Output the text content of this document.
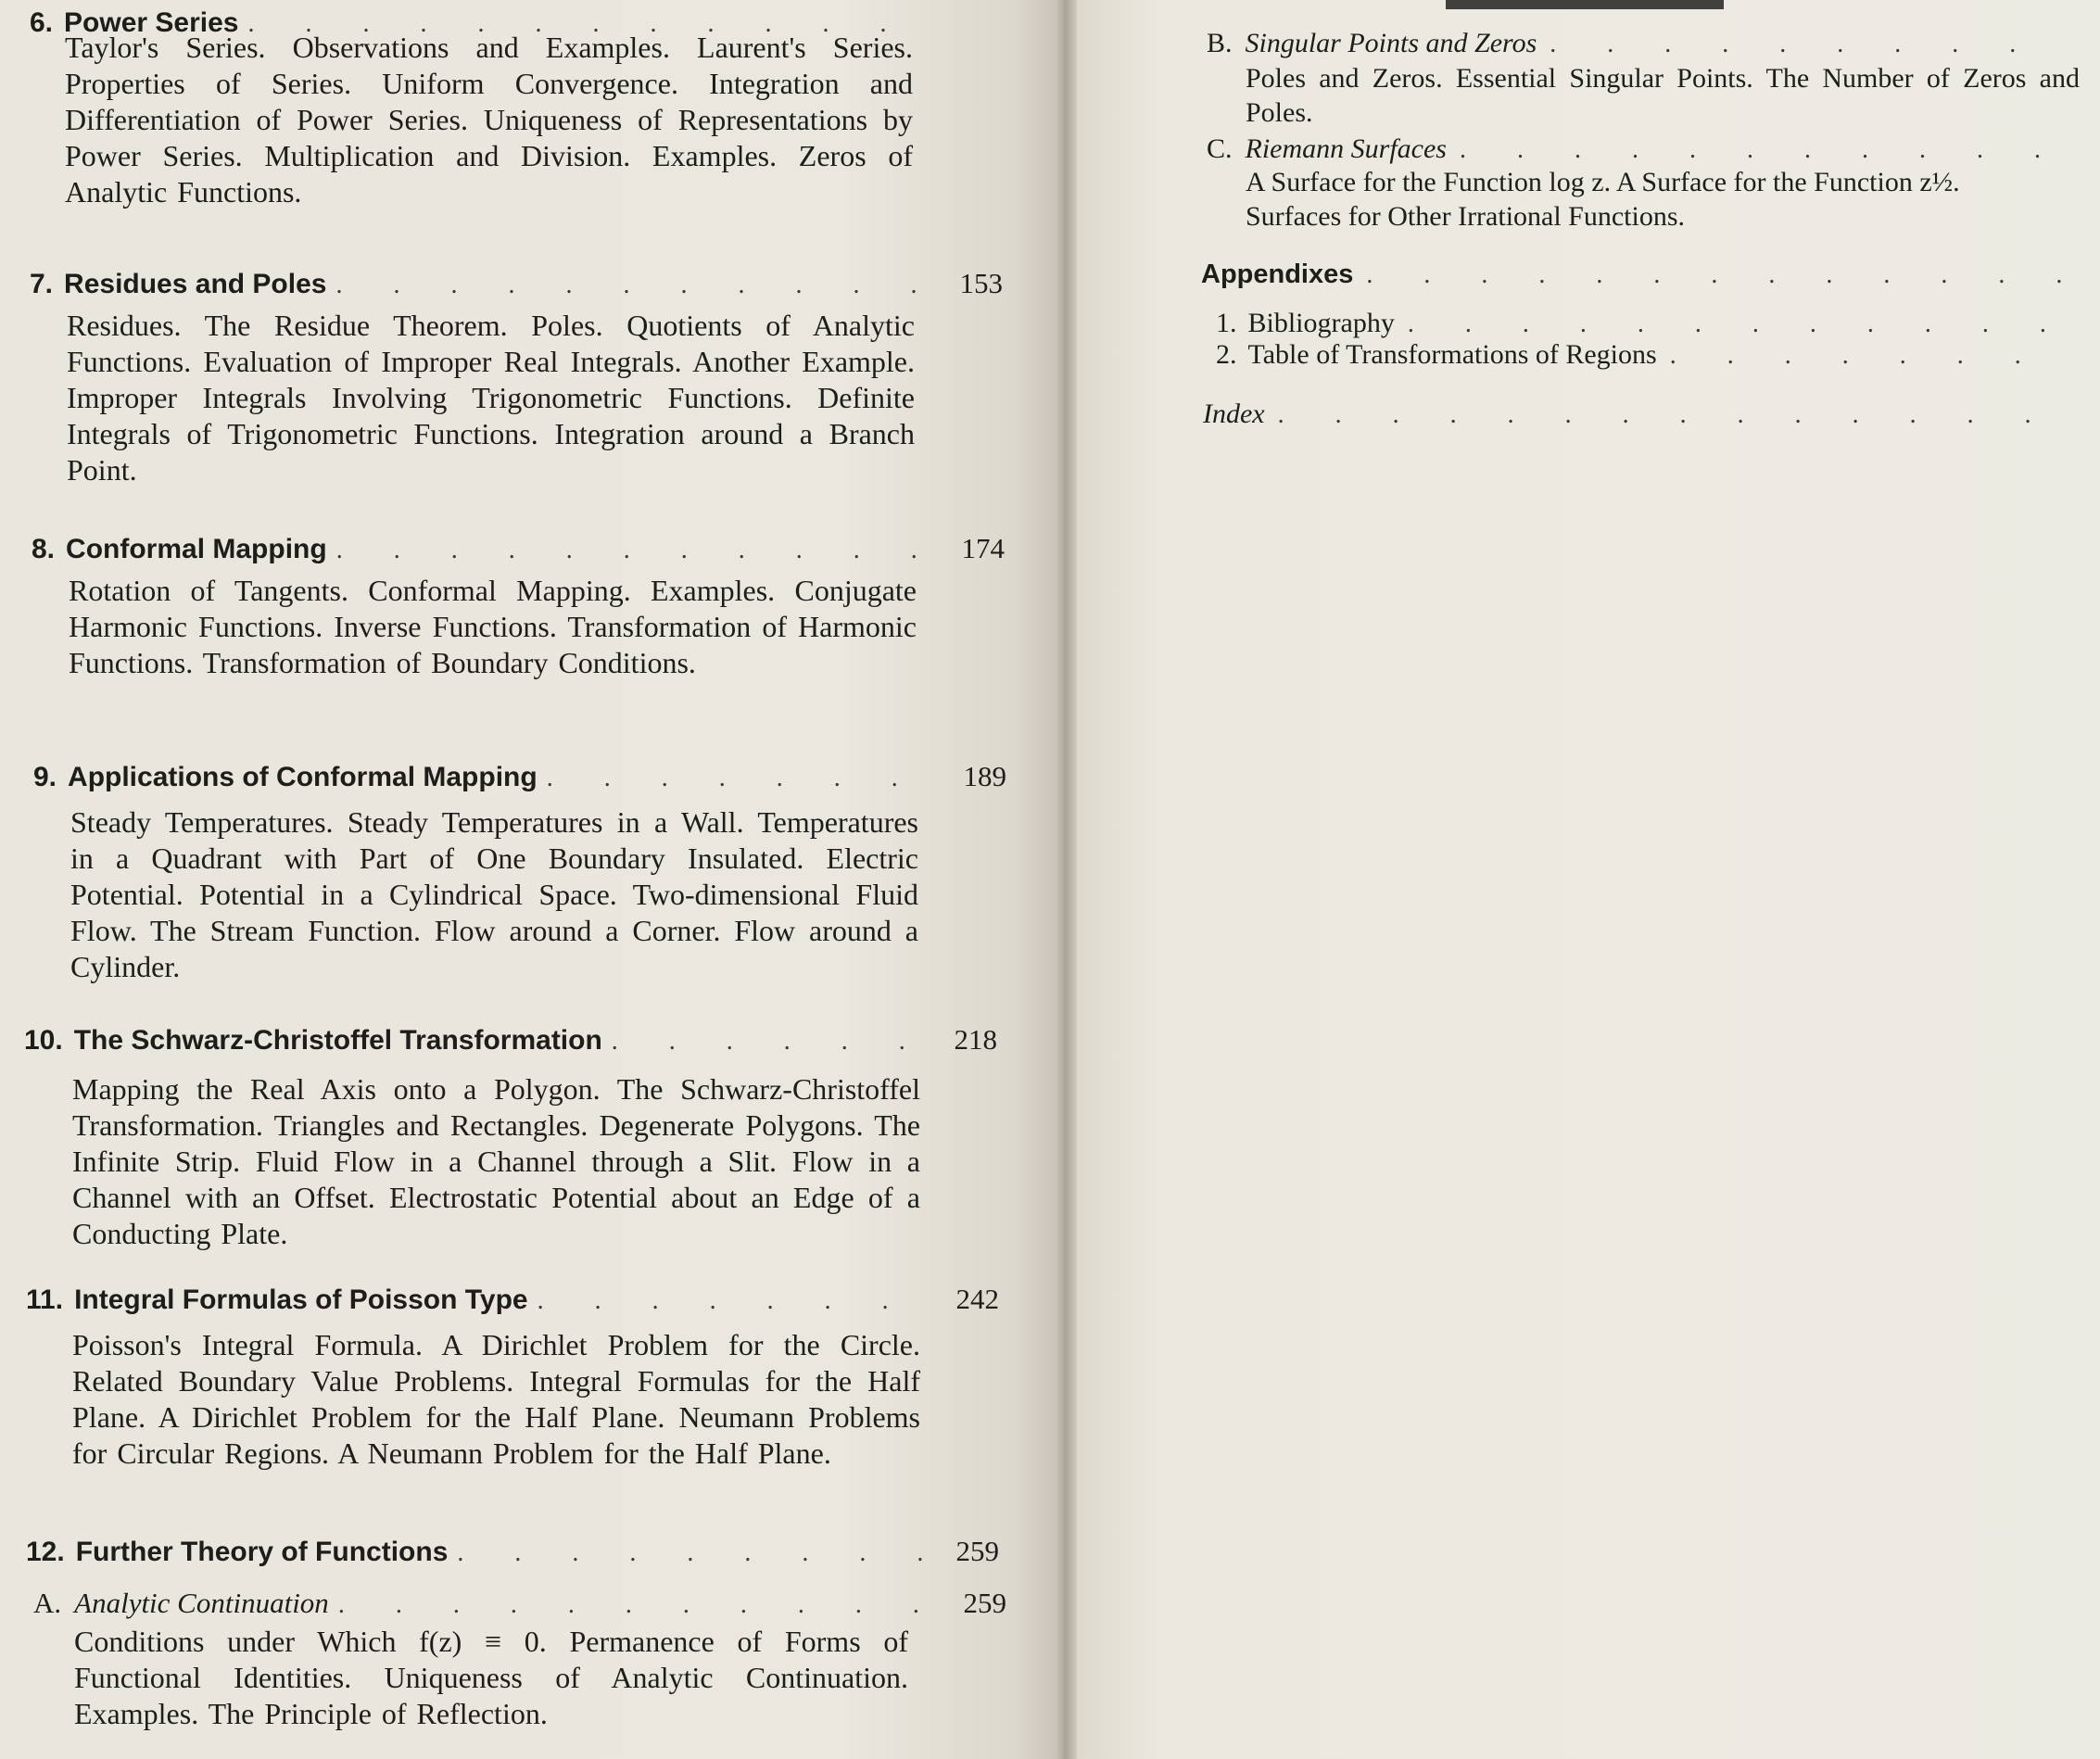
6. Power Series
. . .
Taylor's Series. Observations and Examples. Laurent's Series. Properties of Series. Uniform Convergence. Integration and Differentiation of Power Series. Uniqueness of Representations by Power Series. Multiplication and Division. Examples. Zeros of Analytic Functions.
7. Residues and Poles . . .	153
Residues. The Residue Theorem. Poles. Quotients of Analytic Functions. Evaluation of Improper Real Integrals. Another Example. Improper Integrals Involving Trigonometric Functions. Definite Integrals of Trigonometric Functions. Integration around a Branch Point.
8. Conformal Mapping . . .	174
Rotation of Tangents. Conformal Mapping. Examples. Conjugate Harmonic Functions. Inverse Functions. Transformation of Harmonic Functions. Transformation of Boundary Conditions.
9. Applications of Conformal Mapping . . .	189
Steady Temperatures. Steady Temperatures in a Wall. Temperatures in a Quadrant with Part of One Boundary Insulated. Electric Potential. Potential in a Cylindrical Space. Two-dimensional Fluid Flow. The Stream Function. Flow around a Corner. Flow around a Cylinder.
10. The Schwarz-Christoffel Transformation . . .	218
Mapping the Real Axis onto a Polygon. The Schwarz-Christoffel Transformation. Triangles and Rectangles. Degenerate Polygons. The Infinite Strip. Fluid Flow in a Channel through a Slit. Flow in a Channel with an Offset. Electrostatic Potential about an Edge of a Conducting Plate.
11. Integral Formulas of Poisson Type . . .	242
Poisson's Integral Formula. A Dirichlet Problem for the Circle. Related Boundary Value Problems. Integral Formulas for the Half Plane. A Dirichlet Problem for the Half Plane. Neumann Problems for Circular Regions. A Neumann Problem for the Half Plane.
12. Further Theory of Functions . . .	259
A. Analytic Continuation . . .	259
Conditions under Which f(z) ≡ 0. Permanence of Forms of Functional Identities. Uniqueness of Analytic Continuation. Examples. The Principle of Reflection.
B. Singular Points and Zeros
. . .
Poles and Zeros. Essential Singular Points. The Number of Zeros and Poles.
C. Riemann Surfaces
. . .
A Surface for the Function log z. A Surface for the Function z½.
Surfaces for Other Irrational Functions.
Appendixes
. . .
1. Bibliography
. . .
2. Table of Transformations of Regions
. . .
Index
. . .
